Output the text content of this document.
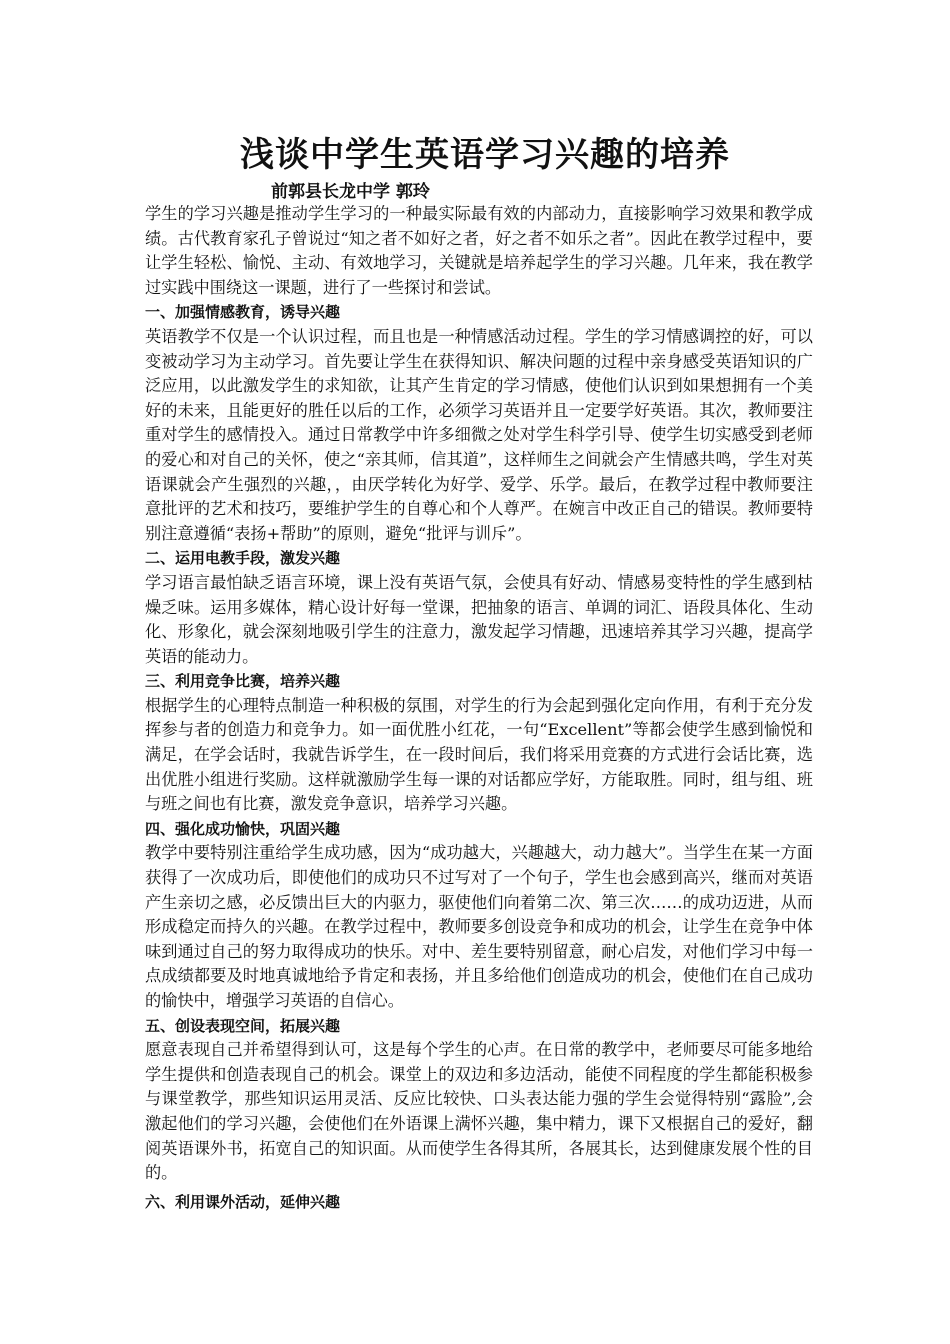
浅谈中学生英语学习兴趣的培养
前郭县长龙中学 郭玲

学生的学习兴趣是推动学生学习的一种最实际最有效的内部动力，直接影响学习效果和教学成绩。古代教育家孔子曾说过“知之者不如好之者，好之者不如乐之者”。因此在教学过程中，要让学生轻松、愉悦、主动、有效地学习，关键就是培养起学生的学习兴趣。几年来，我在教学过实践中围绕这一课题，进行了一些探讨和尝试。

一、加强情感教育，诱导兴趣

英语教学不仅是一个认识过程，而且也是一种情感活动过程。学生的学习情感调控的好，可以变被动学习为主动学习。首先要让学生在获得知识、解决问题的过程中亲身感受英语知识的广泛应用，以此激发学生的求知欲，让其产生肯定的学习情感，使他们认识到如果想拥有一个美好的未来，且能更好的胜任以后的工作，必须学习英语并且一定要学好英语。其次，教师要注重对学生的感情投入。通过日常教学中许多细微之处对学生科学引导、使学生切实感受到老师的爱心和对自己的关怀，使之“亲其师，信其道”，这样师生之间就会产生情感共鸣，学生对英语课就会产生强烈的兴趣，，由厌学转化为好学、爱学、乐学。最后，在教学过程中教师要注意批评的艺术和技巧，要维护学生的自尊心和个人尊严。在婉言中改正自己的错误。教师要特别注意遵循“表扬+帮助”的原则，避免“批评与训斥”。

二、运用电教手段，激发兴趣

学习语言最怕缺乏语言环境，课上没有英语气氛，会使具有好动、情感易变特性的学生感到枯燥乏味。运用多媒体，精心设计好每一堂课，把抽象的语言、单调的词汇、语段具体化、生动化、形象化，就会深刻地吸引学生的注意力，激发起学习情趣，迅速培养其学习兴趣，提高学英语的能动力。

三、利用竞争比赛，培养兴趣

根据学生的心理特点制造一种积极的氛围，对学生的行为会起到强化定向作用，有利于充分发挥参与者的创造力和竞争力。如一面优胜小红花，一句“Excellent”等都会使学生感到愉悦和满足，在学会话时，我就告诉学生，在一段时间后，我们将采用竞赛的方式进行会话比赛，选出优胜小组进行奖励。这样就激励学生每一课的对话都应学好，方能取胜。同时，组与组、班与班之间也有比赛，激发竞争意识，培养学习兴趣。

四、强化成功愉快，巩固兴趣

教学中要特别注重给学生成功感，因为“成功越大，兴趣越大，动力越大”。当学生在某一方面获得了一次成功后，即使他们的成功只不过写对了一个句子，学生也会感到高兴，继而对英语产生亲切之感，必反馈出巨大的内驱力，驱使他们向着第二次、第三次……的成功迈进，从而形成稳定而持久的兴趣。在教学过程中，教师要多创设竞争和成功的机会，让学生在竞争中体味到通过自己的努力取得成功的快乐。对中、差生要特别留意，耐心启发，对他们学习中每一点成绩都要及时地真诚地给予肯定和表扬，并且多给他们创造成功的机会，使他们在自己成功的愉快中，增强学习英语的自信心。

五、创设表现空间，拓展兴趣

愿意表现自己并希望得到认可，这是每个学生的心声。在日常的教学中，老师要尽可能多地给学生提供和创造表现自己的机会。课堂上的双边和多边活动，能使不同程度的学生都能积极参与课堂教学，那些知识运用灵活、反应比较快、口头表达能力强的学生会觉得特别“露脸”,会激起他们的学习兴趣，会使他们在外语课上满怀兴趣，集中精力，课下又根据自己的爱好，翻阅英语课外书，拓宽自己的知识面。从而使学生各得其所，各展其长，达到健康发展个性的目的。

六、利用课外活动，延伸兴趣
